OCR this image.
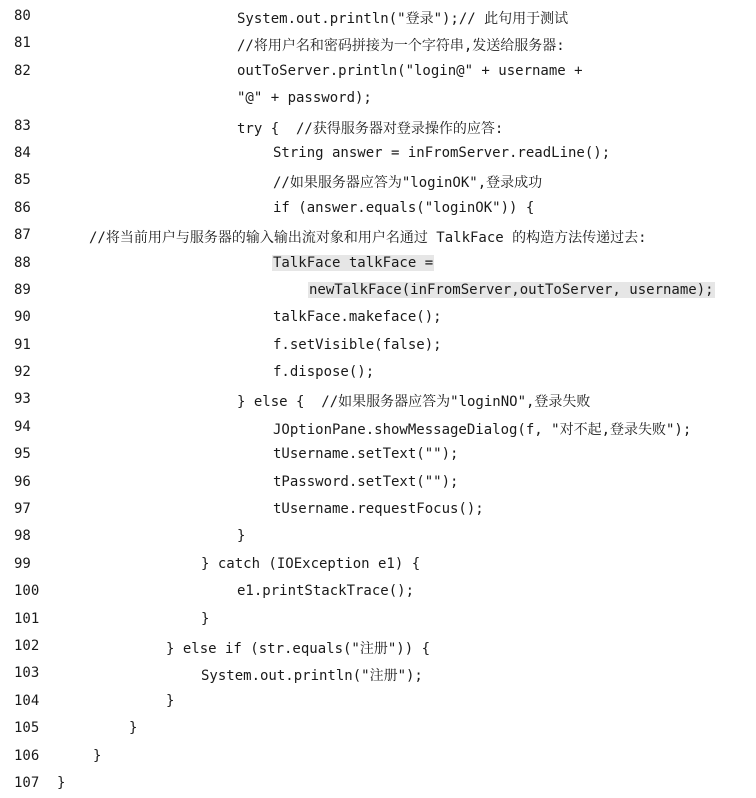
80	System.out.println("登录");// 此句用于测试
81	//将用户名和密码拼接为一个字符串,发送给服务器:
82	outToServer.println("login@" + username +
"@" + password);
83	try {  //获得服务器对登录操作的应答:
84	String answer = inFromServer.readLine();
85	//如果服务器应答为"loginOK",登录成功
86	if (answer.equals("loginOK")) {
87	//将当前用户与服务器的输入输出流对象和用户名通过 TalkFace 的构造方法传递过去:
88	TalkFace talkFace =
89	newTalkFace(inFromServer,outToServer, username);
90	talkFace.makeface();
91	f.setVisible(false);
92	f.dispose();
93	} else {  //如果服务器应答为"loginNO",登录失败
94	JOptionPane.showMessageDialog(f, "对不起,登录失败");
95	tUsername.setText("");
96	tPassword.setText("");
97	tUsername.requestFocus();
98	}
99	} catch (IOException e1) {
100	e1.printStackTrace();
101	}
102	} else if (str.equals("注册")) {
103	System.out.println("注册");
104	}
105	}
106	}
107	}
